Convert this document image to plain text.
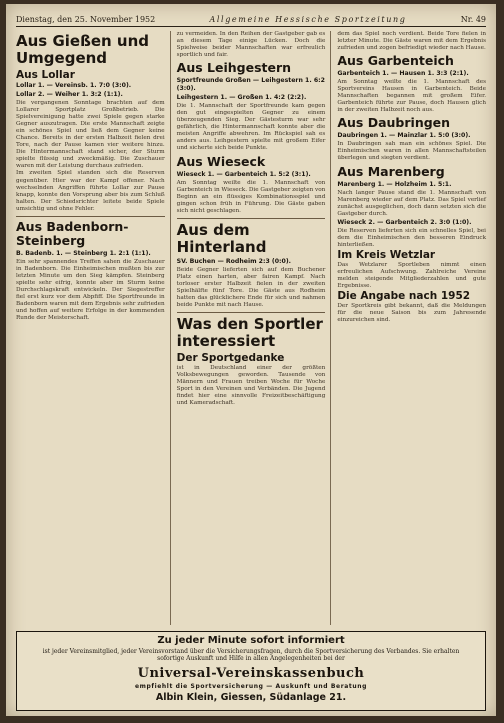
Dienstag, den 25. November 1952	Allgemeine Hessische Sportzeitung	Nr. 49
Aus Gießen und Umgegend
Aus Lollar
Lollar 1. — Vereinsb. 1. 7:0 (3:0).
Lollar 2. — Weiher 1. 3:2 (1:1).

Die vergangenen Sonntage brachten auf dem Lollarer Sportplatz Großbetrieb. Die Spielvereinigung hatte zwei Spiele gegen starke Gegner auszutragen. Die erste Mannschaft zeigte ein schönes Spiel und ließ dem Gegner keine Chance. Bereits in der ersten Halbzeit fielen drei Tore, nach der Pause kamen vier weitere hinzu. Die Hintermannschaft stand sicher, der Sturm spielte flüssig und zweckmäßig. Die Zuschauer waren mit der Leistung durchaus zufrieden.

Im zweiten Spiel standen sich die Reserven gegenüber. Hier war der Kampf offener. Nach wechselnden Angriffen führte Lollar zur Pause knapp, konnte den Vorsprung aber bis zum Schluß halten. Der Schiedsrichter leitete beide Spiele umsichtig und ohne Fehler.

Aus Badenborn-Steinberg
B. Badenb. 1. — Steinberg 1. 2:1 (1:1).

Ein sehr spannendes Treffen sahen die Zuschauer in Badenborn. Die Einheimischen mußten bis zur letzten Minute um den Sieg kämpfen. Steinberg spielte sehr eifrig, konnte aber im Sturm keine Durchschlagskraft entwickeln. Der Siegestreffer fiel erst kurz vor dem Abpfiff. Die Sportfreunde in Badenborn waren mit dem Ergebnis sehr zufrieden und hoffen auf weitere Erfolge in der kommenden Runde der Meisterschaft.

zu vermeiden. In den Reihen der Gastgeber gab es an diesem Tage einige Lücken. Doch die Spielweise beider Mannschaften war erfreulich sportlich und fair.

Aus Leihgestern
Sportfreunde Großen — Leihgestern 1. 6:2 (3:0).
Leihgestern 1. — Großen 1. 4:2 (2:2).

Die 1. Mannschaft der Sportfreunde kam gegen den gut eingespielten Gegner zu einem überzeugenden Sieg. Der Gästesturm war sehr gefährlich, die Hintermannschaft konnte aber die meisten Angriffe abwehren. Im Rückspiel sah es anders aus. Leihgestern spielte mit großem Eifer und sicherte sich beide Punkte.

Aus Wieseck
Wieseck 1. — Garbenteich 1. 5:2 (3:1).

Am Sonntag weilte die 1. Mannschaft von Garbenteich in Wieseck. Die Gastgeber zeigten von Beginn an ein flüssiges Kombinationsspiel und gingen schon früh in Führung. Die Gäste gaben sich nicht geschlagen.

Aus dem Hinterland
SV. Buchen — Rodheim 2:3 (0:0).

Beide Gegner lieferten sich auf dem Buchener Platz einen harten, aber fairen Kampf. Nach torloser erster Halbzeit fielen in der zweiten Spielhälfte fünf Tore. Die Gäste aus Rodheim hatten das glücklichere Ende für sich und nahmen beide Punkte mit nach Hause.

Was den Sportler interessiert
Der Sportgedanke

ist in Deutschland einer der größten Volksbewegungen geworden. Tausende von Männern und Frauen treiben Woche für Woche Sport in den Vereinen und Verbänden. Die Jugend findet hier eine sinnvolle Freizeitbeschäftigung und Kameradschaft.

dem das Spiel noch verdient. Beide Tore fielen in letzter Minute. Die Gäste waren mit dem Ergebnis zufrieden und zogen befriedigt wieder nach Hause.

Aus Garbenteich
Garbenteich 1. — Hausen 1. 3:3 (2:1).

Am Sonntag weilte die 1. Mannschaft des Sportvereins Hausen in Garbenteich. Beide Mannschaften begannen mit großem Eifer. Garbenteich führte zur Pause, doch Hausen glich in der zweiten Halbzeit noch aus.

Aus Daubringen
Daubringen 1. — Mainzlar 1. 5:0 (3:0).

In Daubringen sah man ein schönes Spiel. Die Einheimischen waren in allen Mannschaftsteilen überlegen und siegten verdient.

Aus Marenberg
Marenberg 1. — Holzheim 1. 5:1.

Nach langer Pause stand die 1. Mannschaft von Marenberg wieder auf dem Platz. Das Spiel verlief zunächst ausgeglichen, doch dann setzten sich die Gastgeber durch.

Wieseck 2. — Garbenteich 2. 3:0 (1:0).

Die Reserven lieferten sich ein schnelles Spiel, bei dem die Einheimischen den besseren Eindruck hinterließen.

Im Kreis Wetzlar

Das Wetzlarer Sportleben nimmt einen erfreulichen Aufschwung. Zahlreiche Vereine melden steigende Mitgliederzahlen und gute Ergebnisse.

Die Angabe nach 1952

Der Sportkreis gibt bekannt, daß die Meldungen für die neue Saison bis zum Jahresende einzureichen sind.

Zu jeder Minute sofort informiert
ist jeder Vereinsmitglied, jeder Vereinsvorstand über die Versicherungsfragen, durch die Sportversicherung des Verbandes. Sie erhalten sofortige Auskunft und Hilfe in allen Angelegenheiten bei der
Universal-Vereinskassenbuch
empfiehlt die Sportversicherung — Auskunft und Beratung
Albin Klein, Giessen, Südanlage 21.
